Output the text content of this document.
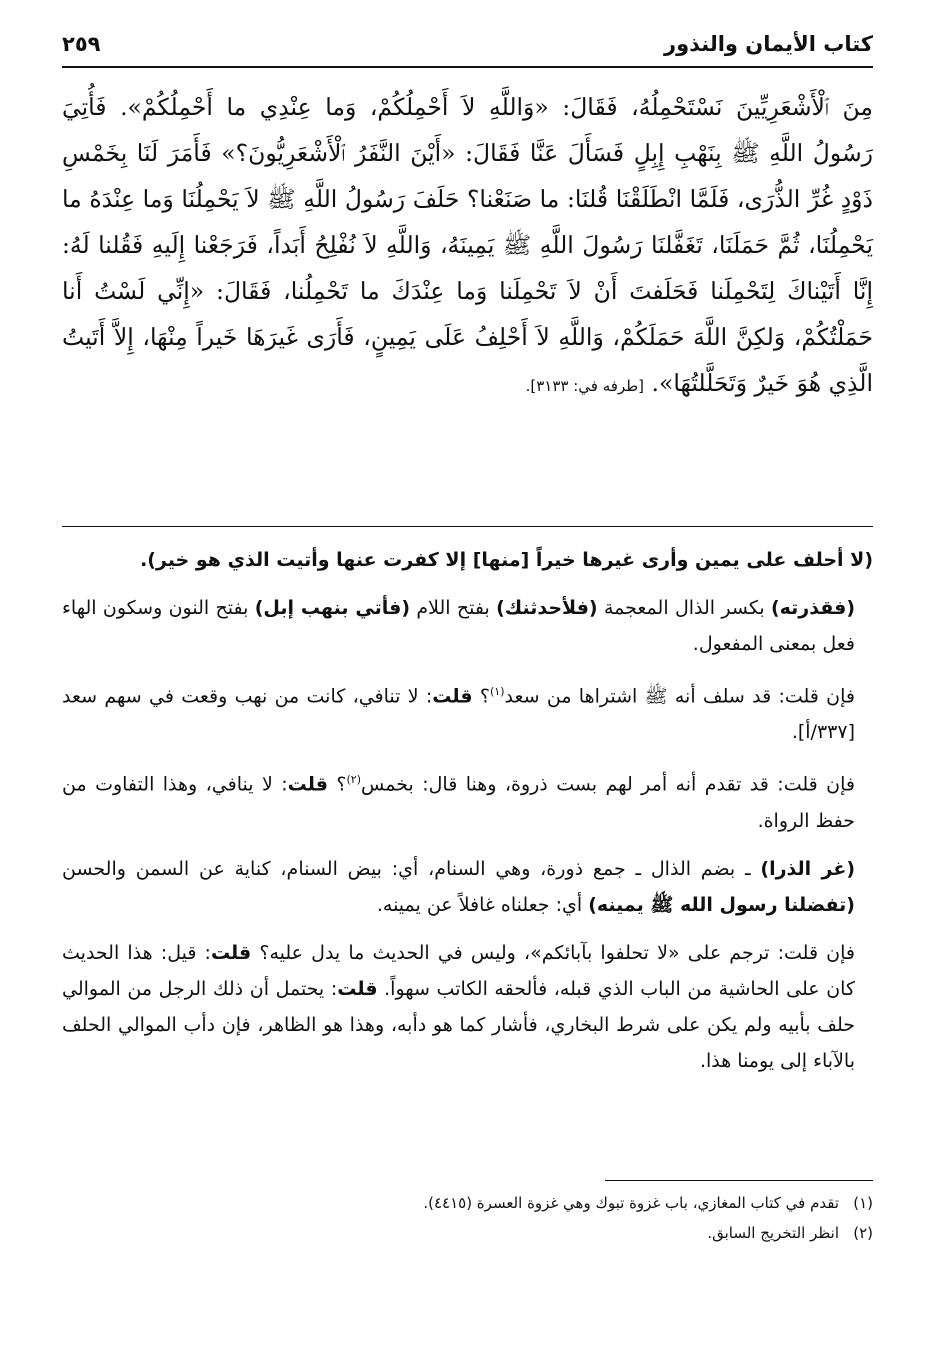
كتاب الأيمان والنذور
٢٥٩
مِنَ ٱلْأَشْعَرِيِّينَ نَسْتَحْمِلُهُ، فَقَالَ: «وَاللَّهِ لاَ أَحْمِلُكُمْ، وَما عِنْدِي ما أَحْمِلُكُمْ». فَأُتِيَ رَسُولُ اللَّهِ ﷺ بِنَهْبِ إِبِلٍ فَسَأَلَ عَنَّا فَقَالَ: «أَيْنَ النَّفَرُ ٱلْأَشْعَرِيُّونَ؟» فَأَمَرَ لَنَا بِخَمْسِ ذَوْدٍ غُرِّ الذُّرَى، فَلَمَّا انْطَلَقْنَا قُلنَا: ما صَنَعْنا؟ حَلَفَ رَسُولُ اللَّهِ ﷺ لاَ يَحْمِلُنَا وَما عِنْدَهُ ما يَحْمِلُنَا، ثُمَّ حَمَلَنَا، تَغَفَّلنَا رَسُولَ اللَّهِ ﷺ يَمِينَهُ، وَاللَّهِ لاَ نُفْلِحُ أَبَداً، فَرَجَعْنا إِلَيهِ فَقُلنا لَهُ: إِنَّا أَتَيْناكَ لِتَحْمِلَنا فَحَلَفتَ أَنْ لاَ تَحْمِلَنا وَما عِنْدَكَ ما تَحْمِلُنا، فَقَالَ: «إِنِّي لَسْتُ أَنا حَمَلْتُكُمْ، وَلكِنَّ اللَّهَ حَمَلَكُمْ، وَاللَّهِ لاَ أَحْلِفُ عَلَى يَمِينٍ، فَأَرَى غَيرَهَا خَيراً مِنْهَا، إِلاَّ أَتَيتُ الَّذِي هُوَ خَيرٌ وَتَحَلَّلتُهَا». [طرفه في: ٣١٣٣].

(لا أحلف على يمين وأرى غيرها خيراً [منها] إلا كفرت عنها وأتيت الذي هو خير).

(فقذرته) بكسر الذال المعجمة (فلأحدثنك) بفتح اللام (فأتي بنهب إبل) بفتح النون وسكون الهاء فعل بمعنى المفعول.

فإن قلت: قد سلف أنه ﷺ اشتراها من سعد$^{(١)}$؟ قلت: لا تنافي، كانت من نهب وقعت في سهم سعد [٣٣٧/أ].

فإن قلت: قد تقدم أنه أمر لهم بست ذروة، وهنا قال: بخمس$^{(٢)}$؟ قلت: لا ينافي، وهذا التفاوت من حفظ الرواة.

(غر الذرا) ـ بضم الذال ـ جمع ذورة، وهي السنام، أي: بيض السنام، كناية عن السمن والحسن (تفضلنا رسول الله ﷺ يمينه) أي: جعلناه غافلاً عن يمينه.

فإن قلت: ترجم على «لا تحلفوا بآبائكم»، وليس في الحديث ما يدل عليه؟ قلت: قيل: هذا الحديث كان على الحاشية من الباب الذي قبله، فألحقه الكاتب سهواً. قلت: يحتمل أن ذلك الرجل من الموالي حلف بأبيه ولم يكن على شرط البخاري، فأشار كما هو دأبه، وهذا هو الظاهر، فإن دأب الموالي الحلف بالآباء إلى يومنا هذا.

(١)تقدم في كتاب المغازي، باب غزوة تبوك وهي غزوة العسرة (٤٤١٥).

(٢)انظر التخريج السابق.
